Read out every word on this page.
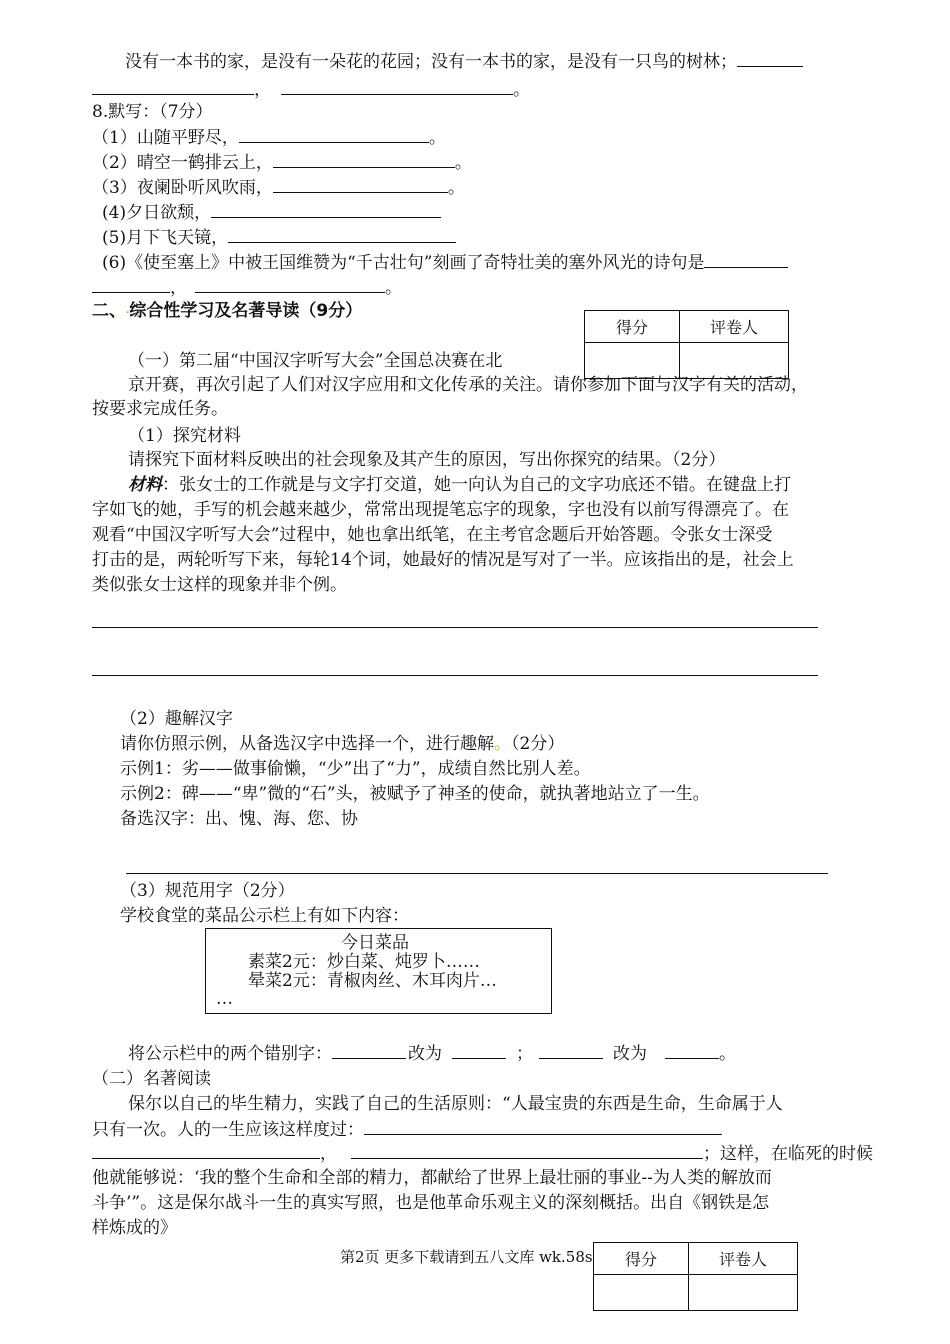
没有一本书的家，是没有一朵花的花园；没有一本书的家，是没有一只鸟的树林；
，	。
8.默写：（7分）
（1）山随平野尽，	。
（2）晴空一鹤排云上，	。
（3）夜阑卧听风吹雨，	。
(4)夕日欲颓，
(5)月下飞天镜，
(6)《使至塞上》中被王国维赞为“千古壮句”刻画了奇特壮美的塞外风光的诗句是
，	。
二、.综合性学习及名著导读（9分）
得分	评卷人

（一）第二届“中国汉字听写大会”全国总决赛在北
京开赛，再次引起了人们对汉字应用和文化传承的关注。请你参加下面与汉字有关的活动，
按要求完成任务。
（1）探究材料
请探究下面材料反映出的社会现象及其产生的原因，写出你探究的结果。（2分）
材料：张女士的工作就是与文字打交道，她一向认为自己的文字功底还不错。在键盘上打
字如飞的她，手写的机会越来越少，常常出现提笔忘字的现象，字也没有以前写得漂亮了。在
观看“中国汉字听写大会”过程中，她也拿出纸笔，在主考官念题后开始答题。令张女士深受
打击的是，两轮听写下来，每轮14个词，她最好的情况是写对了一半。应该指出的是，社会上
类似张女士这样的现象并非个例。
（2）趣解汉字
请你仿照示例，从备选汉字中选择一个，进行趣解。（2分）
示例1：劣——做事偷懒，“少”出了“力”，成绩自然比别人差。
示例2：碑——“卑”微的“石”头，被赋予了神圣的使命，就执著地站立了一生。
备选汉字：出、愧、海、您、协
（3）规范用字（2分）
学校食堂的菜品公示栏上有如下内容：
今日菜品
素菜2元：炒白菜、炖罗卜……
晕菜2元：青椒肉丝、木耳肉片…
…
将公示栏中的两个错别字：	改为	；	改为	。
（二）名著阅读
保尔以自己的毕生精力，实践了自己的生活原则：“人最宝贵的东西是生命，生命属于人
只有一次。人的一生应该这样度过：
，	；这样，在临死的时候
他就能够说：‘我的整个生命和全部的精力，都献给了世界上最壮丽的事业--为人类的解放而
斗争’”。这是保尔战斗一生的真实写照，也是他革命乐观主义的深刻概括。出自《钢铁是怎
样炼成的》
第2页 更多下载请到五八文库 wk.58s 得分	评卷人
